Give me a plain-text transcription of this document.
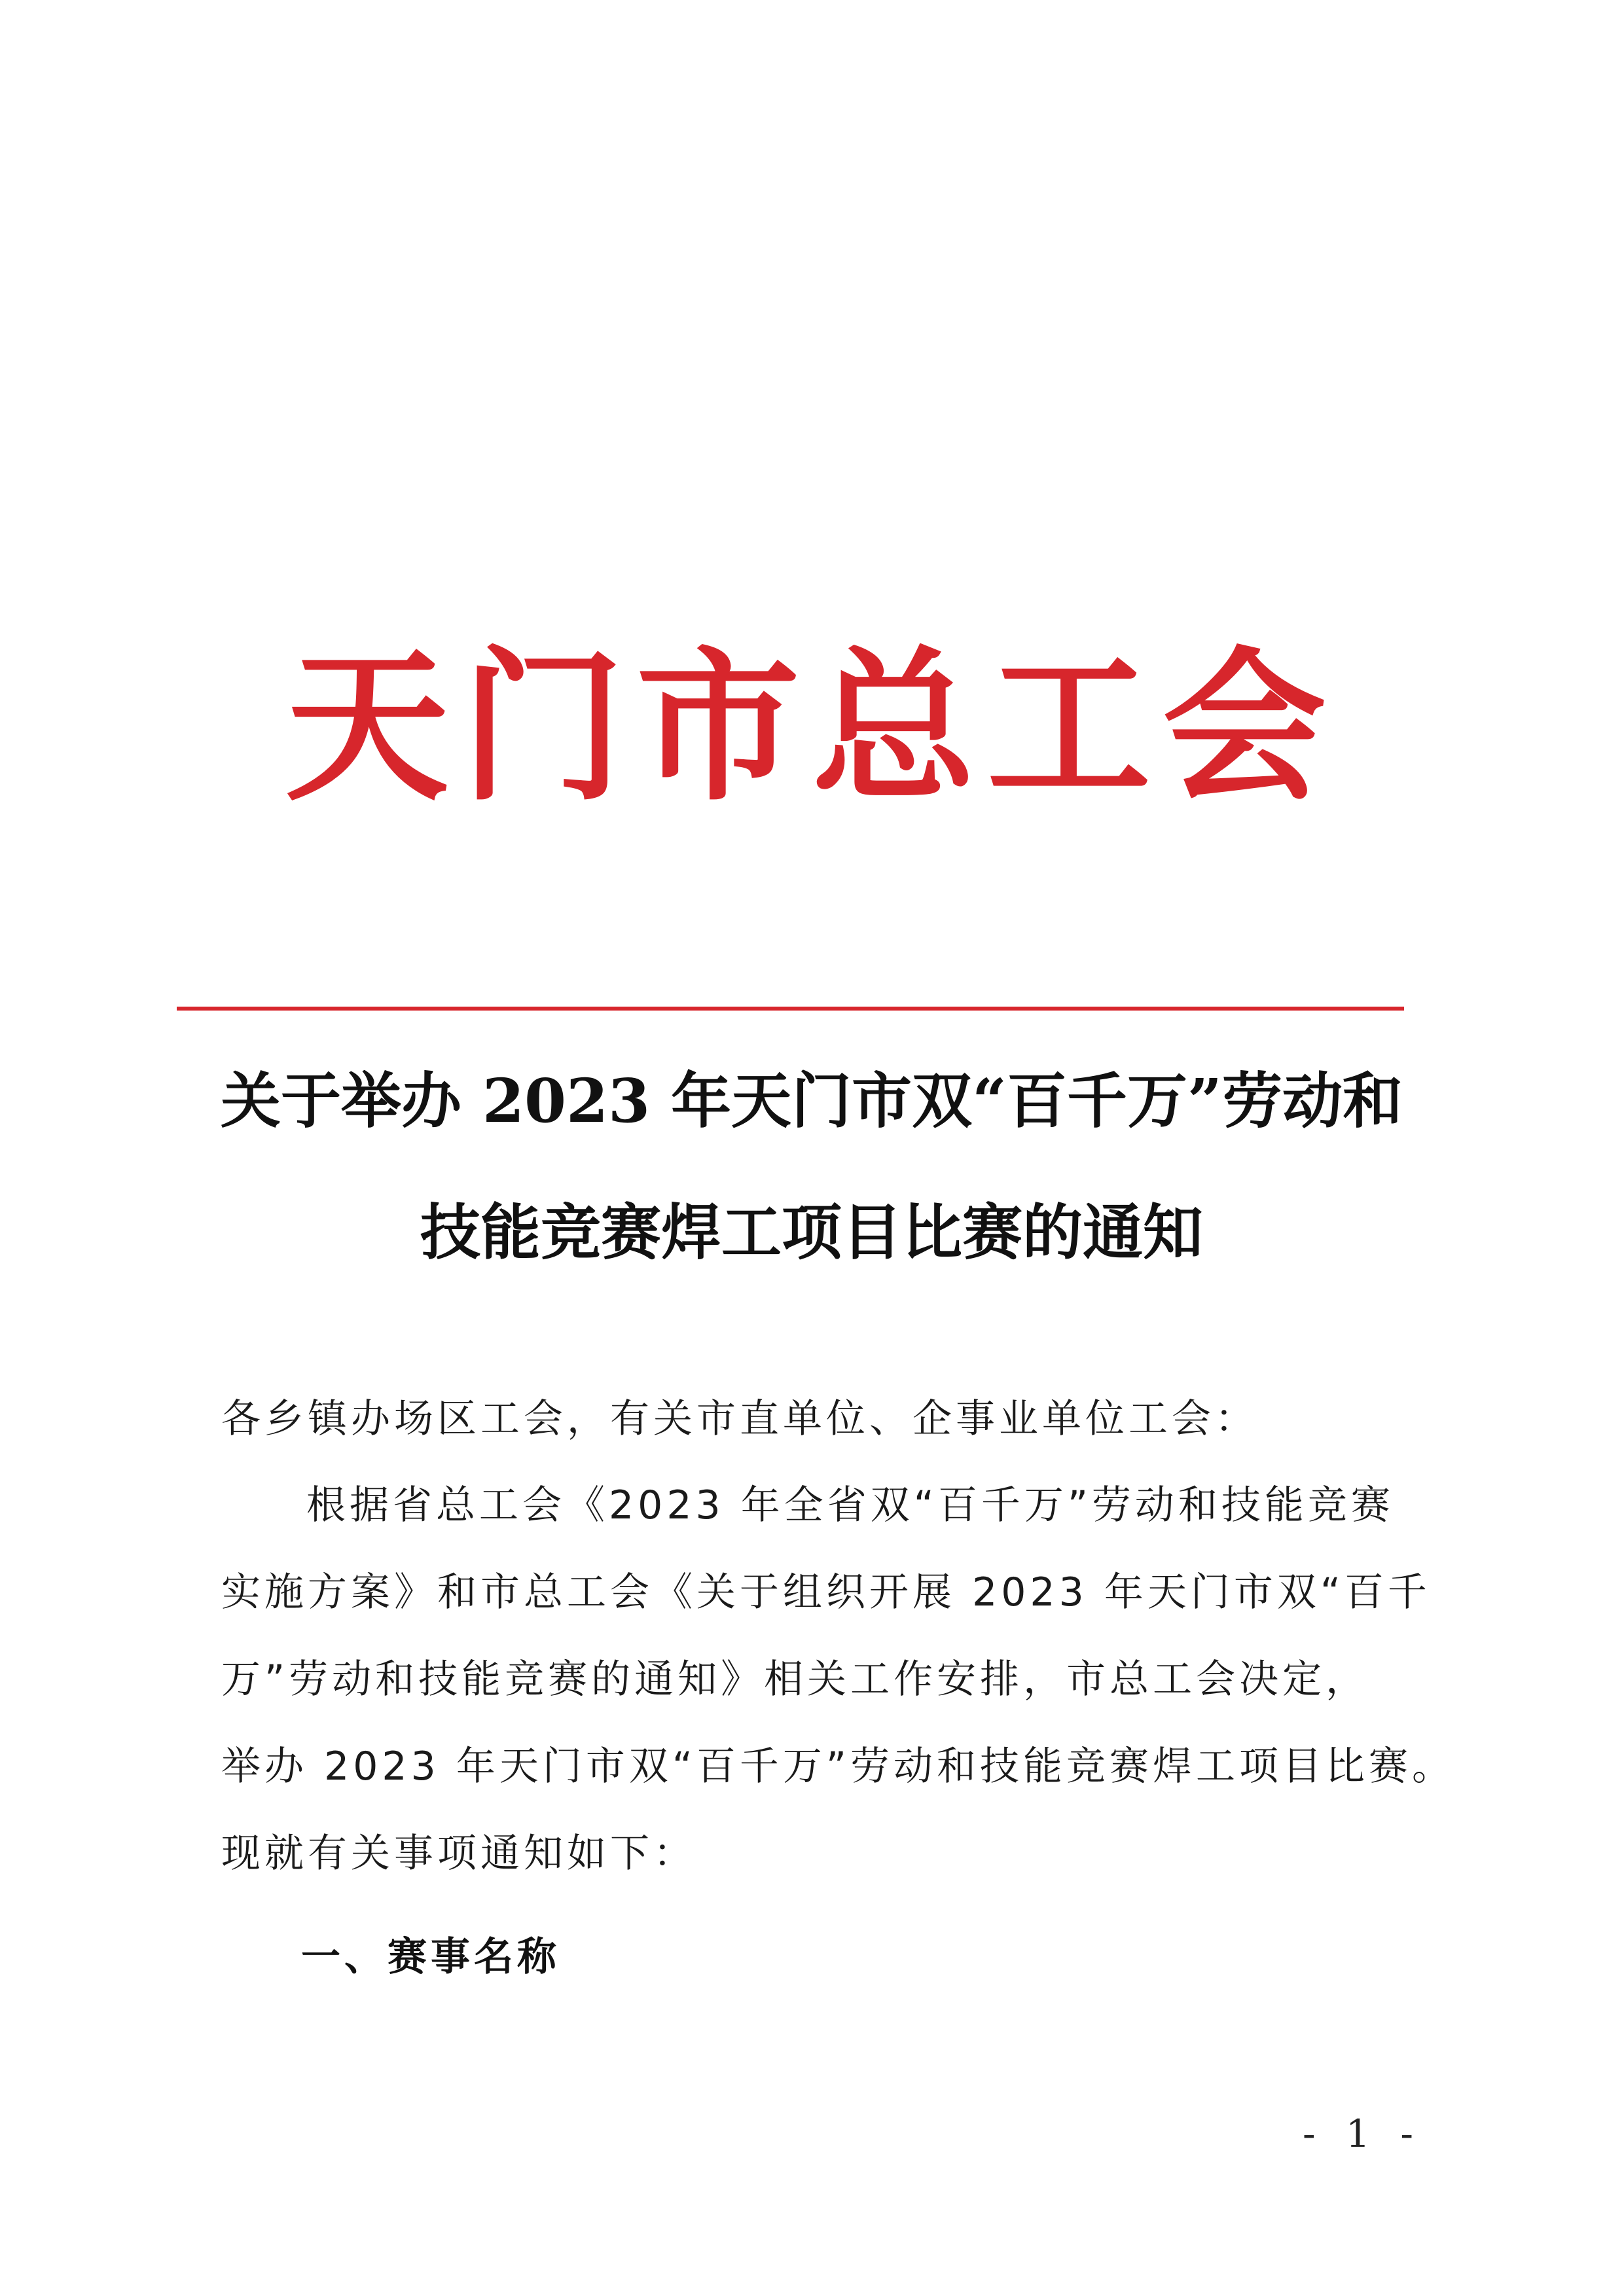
天门市总工会
关于举办 2023 年天门市双“百千万”劳动和
技能竞赛焊工项目比赛的通知
各乡镇办场区工会，有关市直单位、企事业单位工会：
根据省总工会《2023 年全省双“百千万”劳动和技能竞赛
实施方案》和市总工会《关于组织开展 2023 年天门市双“百千
万”劳动和技能竞赛的通知》相关工作安排，市总工会决定，
举办 2023 年天门市双“百千万”劳动和技能竞赛焊工项目比赛。
现就有关事项通知如下：
一、赛事名称
- 1 -
